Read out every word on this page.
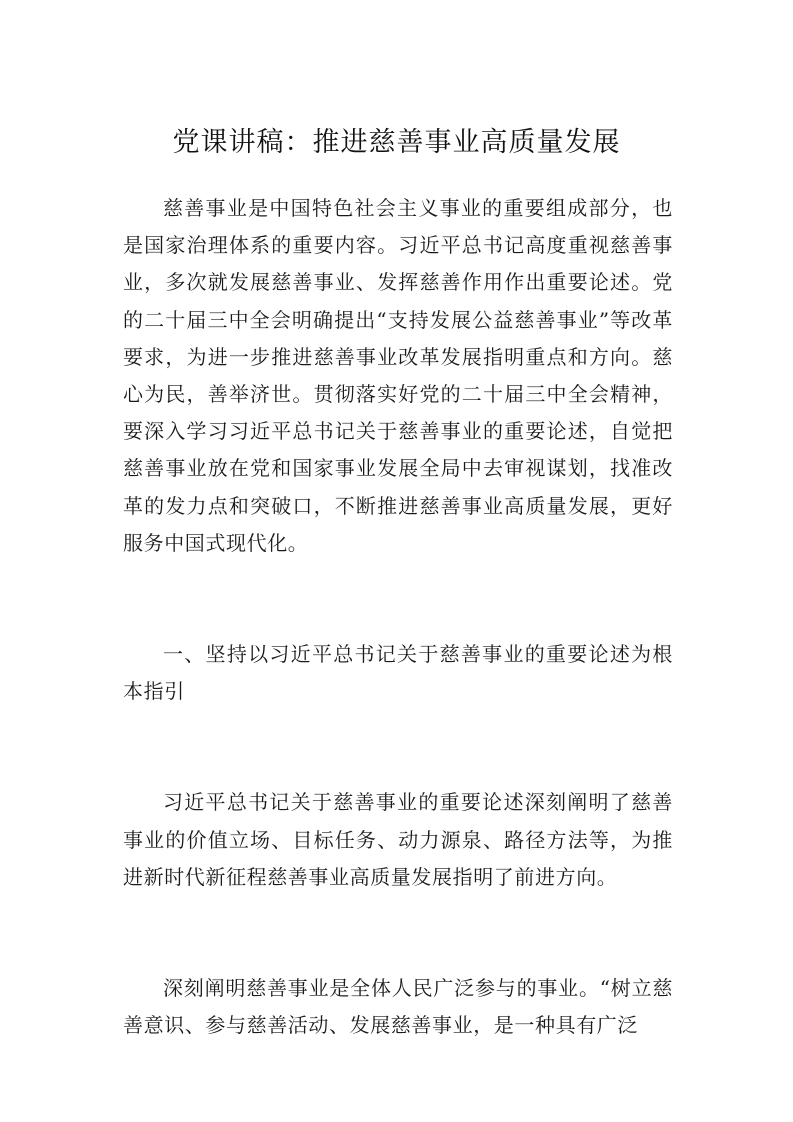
党课讲稿：推进慈善事业高质量发展

慈善事业是中国特色社会主义事业的重要组成部分，也是国家治理体系的重要内容。习近平总书记高度重视慈善事业，多次就发展慈善事业、发挥慈善作用作出重要论述。党的二十届三中全会明确提出“支持发展公益慈善事业”等改革要求，为进一步推进慈善事业改革发展指明重点和方向。慈心为民，善举济世。贯彻落实好党的二十届三中全会精神，要深入学习习近平总书记关于慈善事业的重要论述，自觉把慈善事业放在党和国家事业发展全局中去审视谋划，找准改革的发力点和突破口，不断推进慈善事业高质量发展，更好服务中国式现代化。

一、坚持以习近平总书记关于慈善事业的重要论述为根本指引

习近平总书记关于慈善事业的重要论述深刻阐明了慈善事业的价值立场、目标任务、动力源泉、路径方法等，为推进新时代新征程慈善事业高质量发展指明了前进方向。

深刻阐明慈善事业是全体人民广泛参与的事业。“树立慈善意识、参与慈善活动、发展慈善事业，是一种具有广泛
